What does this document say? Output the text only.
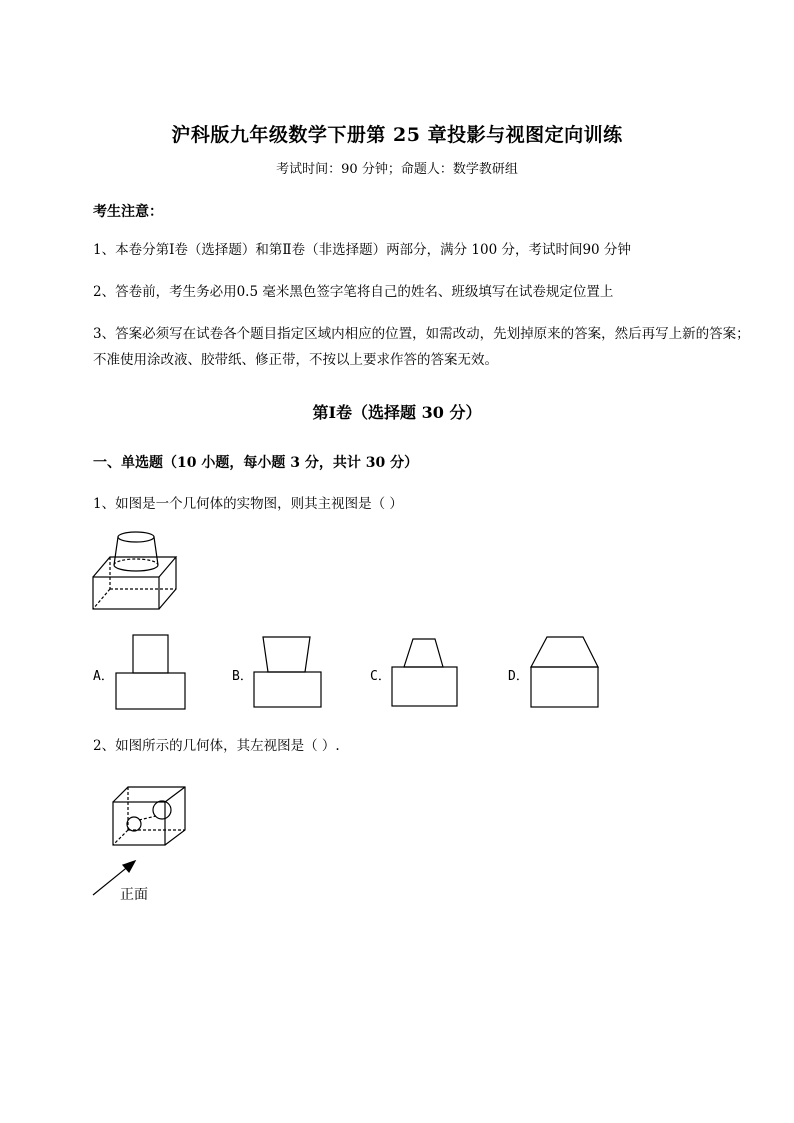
沪科版九年级数学下册第 25 章投影与视图定向训练
考试时间：90 分钟；命题人：数学教研组
考生注意：
1、本卷分第Ⅰ卷（选择题）和第Ⅱ卷（非选择题）两部分，满分 100 分，考试时间90 分钟
2、答卷前，考生务必用0.5 毫米黑色签字笔将自己的姓名、班级填写在试卷规定位置上
3、答案必须写在试卷各个题目指定区域内相应的位置，如需改动，先划掉原来的答案，然后再写上新的答案；不准使用涂改液、胶带纸、修正带，不按以上要求作答的答案无效。
第Ⅰ卷（选择题 30 分）
一、单选题（10 小题，每小题 3 分，共计 30 分）
1、如图是一个几何体的实物图，则其主视图是（ ）
A．	B．	C．	D．
2、如图所示的几何体，其左视图是（ ）.
正面
